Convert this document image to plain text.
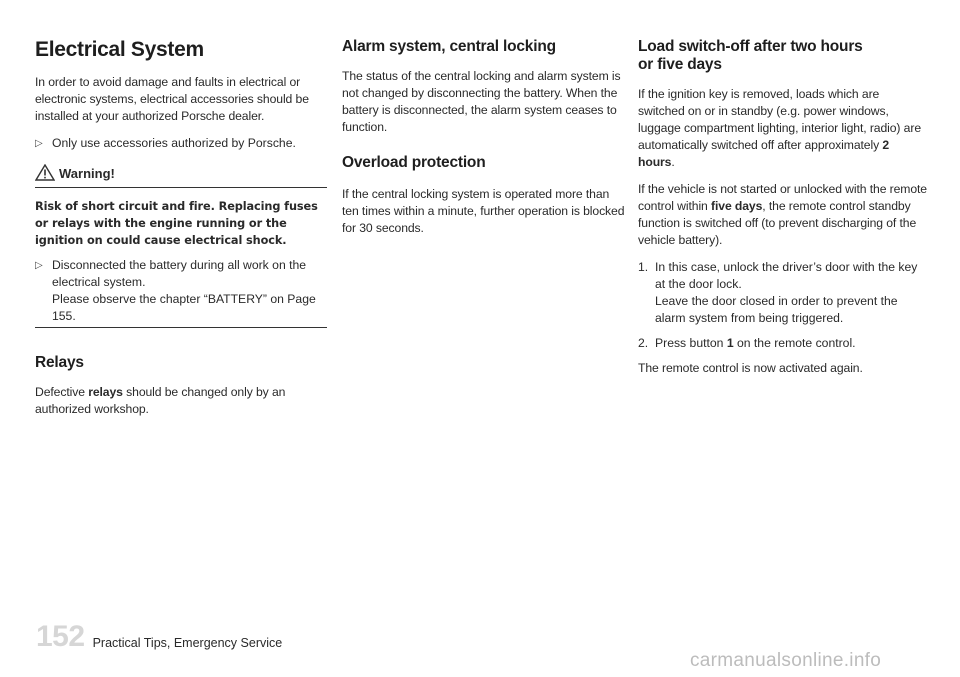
Electrical System

In order to avoid damage and faults in electrical or electronic systems, electrical accessories should be installed at your authorized Porsche dealer.

▷ Only use accessories authorized by Porsche.
Warning!

Risk of short circuit and fire. Replacing fuses or relays with the engine running or the ignition on could cause electrical shock.

▷ Disconnected the battery during all work on the electrical system.
Please observe the chapter “BATTERY” on Page 155.
Relays

Defective relays should be changed only by an authorized workshop.

Alarm system, central locking

The status of the central locking and alarm system is not changed by disconnecting the battery. When the battery is disconnected, the alarm system ceases to function.

Overload protection

If the central locking system is operated more than ten times within a minute, further operation is blocked for 30 seconds.

Load switch-off after two hours or five days

If the ignition key is removed, loads which are switched on or in standby (e.g. power windows, luggage compartment lighting, interior light, radio) are automatically switched off after approximately 2 hours.

If the vehicle is not started or unlocked with the remote control within five days, the remote control standby function is switched off (to prevent discharging of the vehicle battery).

1. In this case, unlock the driver’s door with the key at the door lock.
Leave the door closed in order to prevent the alarm system from being triggered.
2. Press button 1 on the remote control.

The remote control is now activated again.

152 Practical Tips, Emergency Service
carmanualsonline.info
